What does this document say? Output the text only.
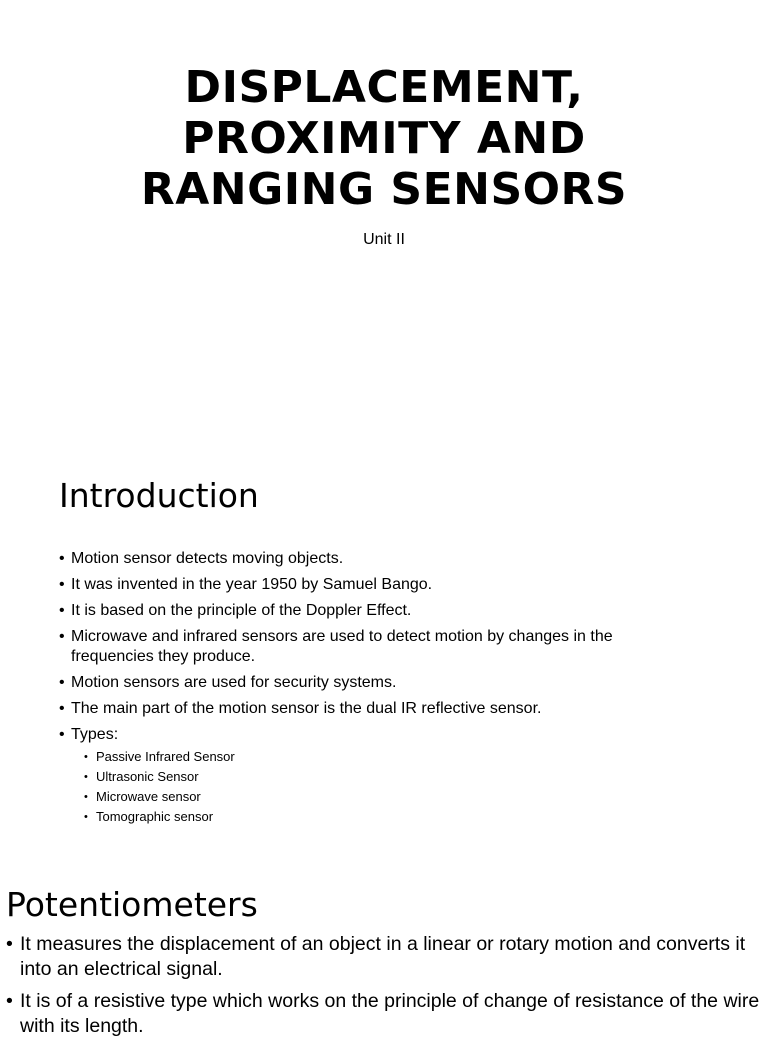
DISPLACEMENT,
PROXIMITY AND
RANGING SENSORS
Unit II
Introduction
• Motion sensor detects moving objects.
• It was invented in the year 1950 by Samuel Bango.
• It is based on the principle of the Doppler Effect.
• Microwave and infrared sensors are used to detect motion by changes in the frequencies they produce.
• Motion sensors are used for security systems.
• The main part of the motion sensor is the dual IR reflective sensor.
• Types:
• Passive Infrared Sensor
• Ultrasonic Sensor
• Microwave sensor
• Tomographic sensor
Potentiometers
• It measures the displacement of an object in a linear or rotary motion and converts it into an electrical signal.
• It is of a resistive type which works on the principle of change of resistance of the wire with its length.
